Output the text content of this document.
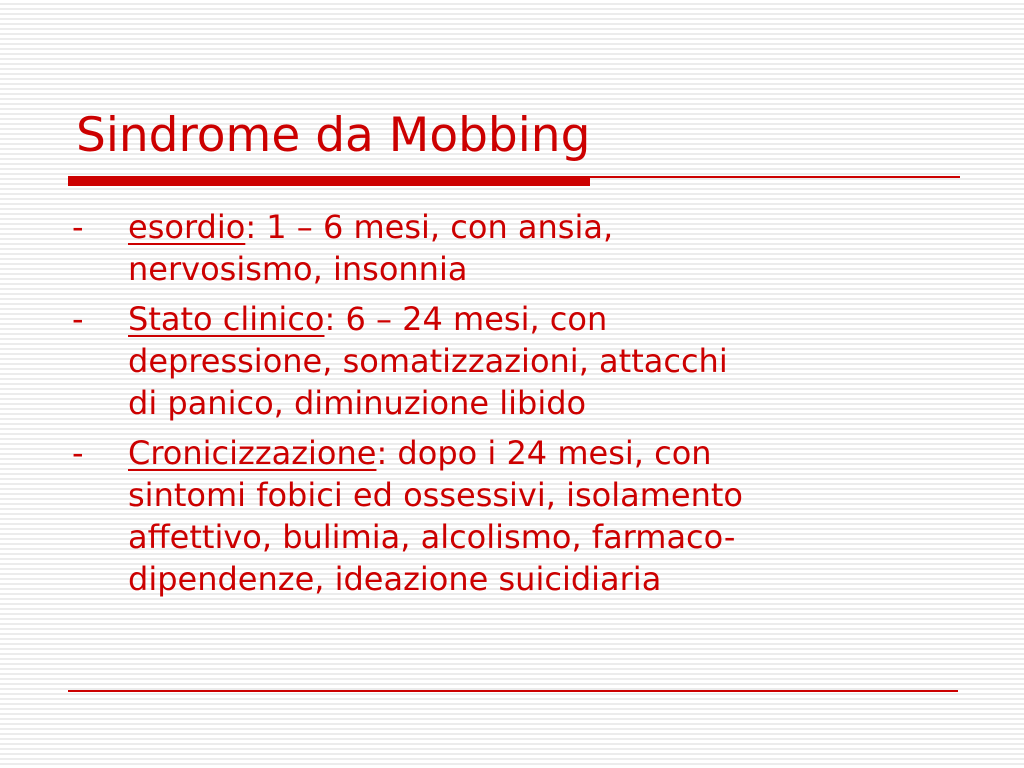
Sindrome da Mobbing
- esordio: 1 – 6 mesi, con ansia,
nervosismo, insonnia
- Stato clinico: 6 – 24 mesi, con
depressione, somatizzazioni, attacchi
di panico, diminuzione libido
- Cronicizzazione: dopo i 24 mesi, con
sintomi fobici ed ossessivi, isolamento
affettivo, bulimia, alcolismo, farmaco-
dipendenze, ideazione suicidiaria
